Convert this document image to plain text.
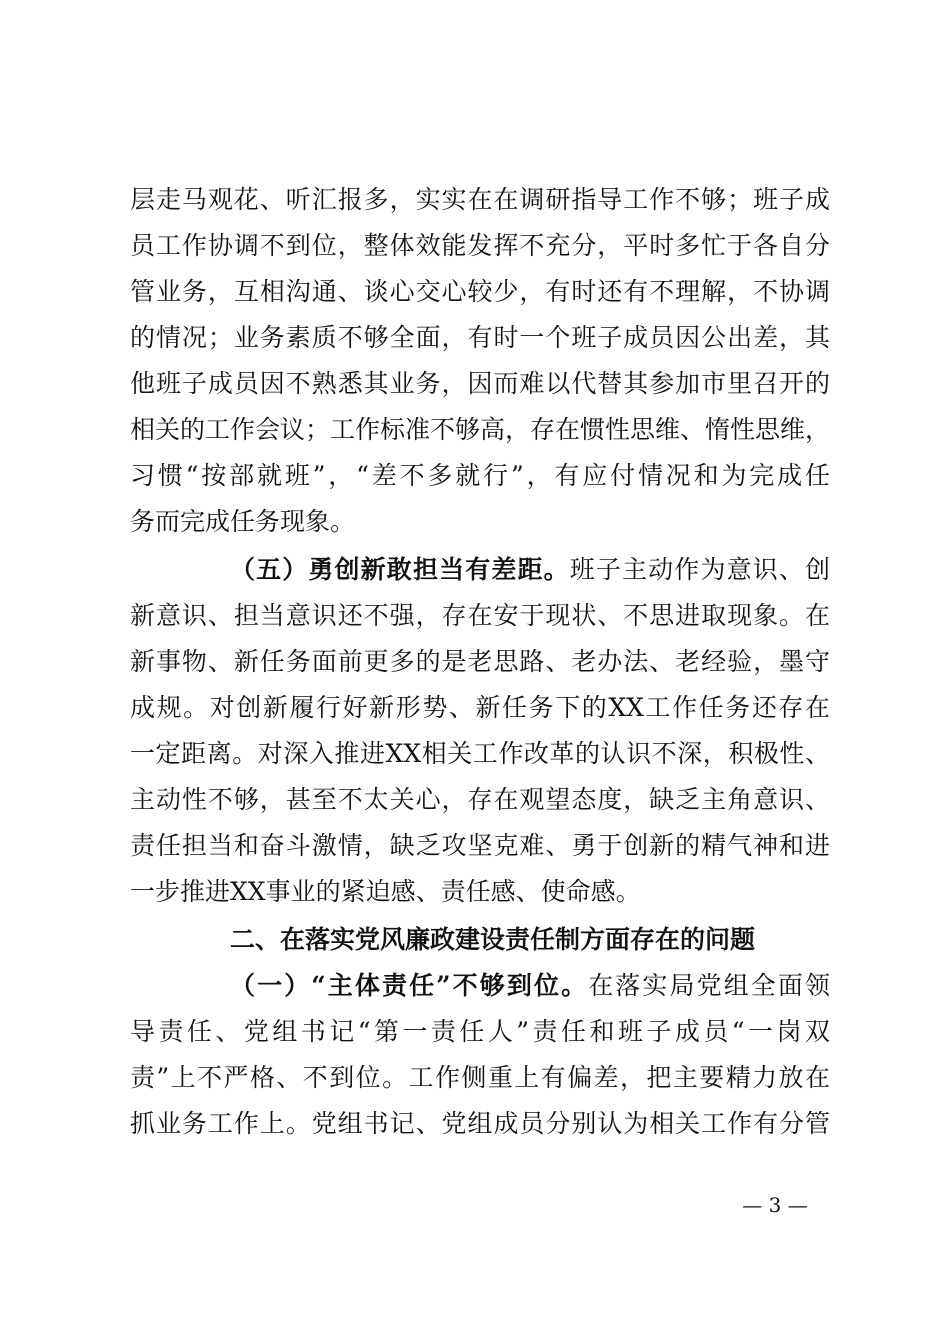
层走马观花、听汇报多，实实在在调研指导工作不够；班子成
员工作协调不到位，整体效能发挥不充分，平时多忙于各自分
管业务，互相沟通、谈心交心较少，有时还有不理解，不协调
的情况；业务素质不够全面，有时一个班子成员因公出差，其
他班子成员因不熟悉其业务，因而难以代替其参加市里召开的
相关的工作会议；工作标准不够高，存在惯性思维、惰性思维，
习惯“按部就班”，“差不多就行”，有应付情况和为完成任
务而完成任务现象。
（五）勇创新敢担当有差距。班子主动作为意识、创
新意识、担当意识还不强，存在安于现状、不思进取现象。在
新事物、新任务面前更多的是老思路、老办法、老经验，墨守
成规。对创新履行好新形势、新任务下的XX工作任务还存在
一定距离。对深入推进XX相关工作改革的认识不深，积极性、
主动性不够，甚至不太关心，存在观望态度，缺乏主角意识、
责任担当和奋斗激情，缺乏攻坚克难、勇于创新的精气神和进
一步推进XX事业的紧迫感、责任感、使命感。
二、在落实党风廉政建设责任制方面存在的问题
（一）“主体责任”不够到位。在落实局党组全面领
导责任、党组书记“第一责任人”责任和班子成员“一岗双
责”上不严格、不到位。工作侧重上有偏差，把主要精力放在
抓业务工作上。党组书记、党组成员分别认为相关工作有分管
— 3 —
